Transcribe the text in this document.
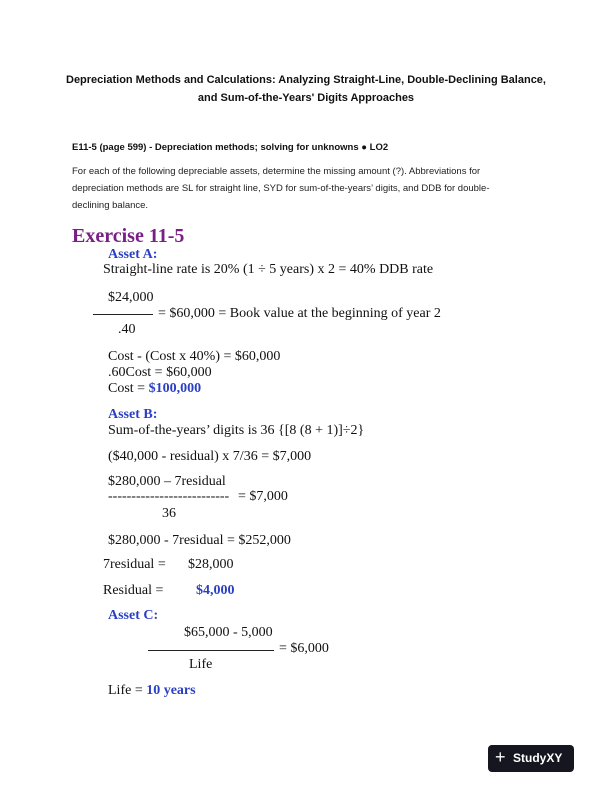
Depreciation Methods and Calculations: Analyzing Straight-Line, Double-Declining Balance,
and Sum-of-the-Years' Digits Approaches
E11-5 (page 599) - Depreciation methods; solving for unknowns ● LO2
For each of the following depreciable assets, determine the missing amount (?). Abbreviations for
depreciation methods are SL for straight line, SYD for sum-of-the-years’ digits, and DDB for double-
declining balance.
Exercise 11-5
Asset A:
Straight-line rate is 20% (1 ÷ 5 years) x 2 = 40% DDB rate
$24,000
= $60,000 = Book value at the beginning of year 2
.40
Cost - (Cost x 40%) = $60,000
.60Cost = $60,000
Cost = $100,000
Asset B:
Sum-of-the-years’ digits is 36 {[8 (8 + 1)]÷2}
($40,000 - residual) x 7/36 = $7,000
$280,000 – 7residual
-------------------------- = $7,000
36
$280,000 - 7residual = $252,000
7residual = $28,000
Residual = $4,000
Asset C:
$65,000 - 5,000
= $6,000
Life
Life = 10 years
+ StudyXY
